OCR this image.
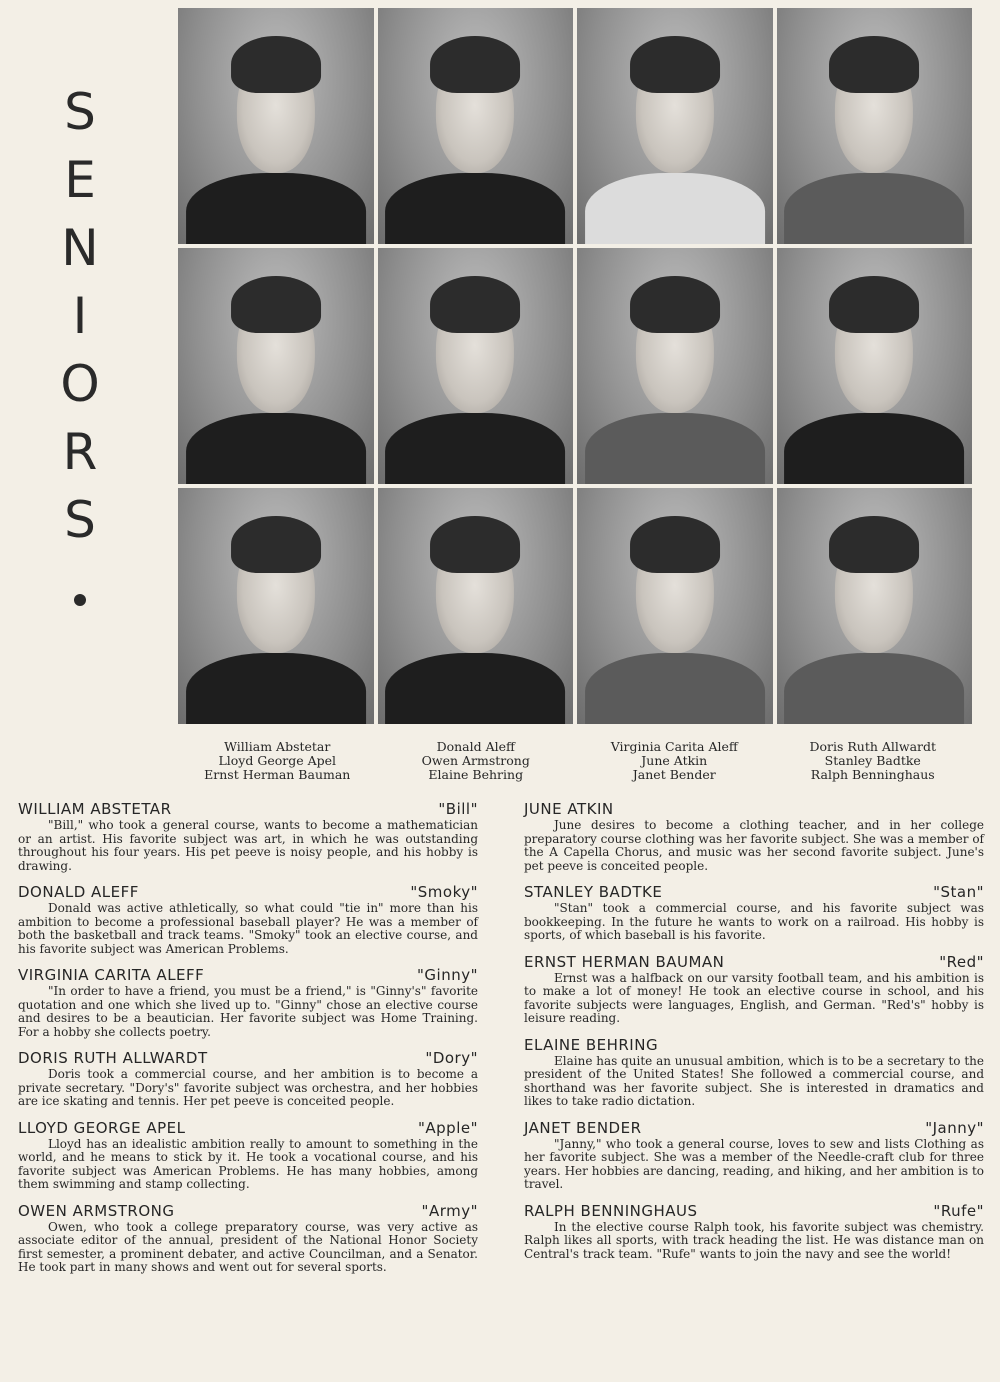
S
E
N
I
O
R
S
William Abstetar
Lloyd George Apel
Ernst Herman Bauman
Donald Aleff
Owen Armstrong
Elaine Behring
Virginia Carita Aleff
June Atkin
Janet Bender
Doris Ruth Allwardt
Stanley Badtke
Ralph Benninghaus
WILLIAM ABSTETAR	"Bill"

"Bill," who took a general course, wants to become a mathematician or an artist. His favorite subject was art, in which he was outstanding throughout his four years. His pet peeve is noisy people, and his hobby is drawing.

DONALD ALEFF	"Smoky"

Donald was active athletically, so what could "tie in" more than his ambition to become a professional baseball player? He was a member of both the basketball and track teams. "Smoky" took an elective course, and his favorite subject was American Problems.

VIRGINIA CARITA ALEFF	"Ginny"

"In order to have a friend, you must be a friend," is "Ginny's" favorite quotation and one which she lived up to. "Ginny" chose an elective course and desires to be a beautician. Her favorite subject was Home Training. For a hobby she collects poetry.

DORIS RUTH ALLWARDT	"Dory"

Doris took a commercial course, and her ambition is to become a private secretary. "Dory's" favorite subject was orchestra, and her hobbies are ice skating and tennis. Her pet peeve is conceited people.

LLOYD GEORGE APEL	"Apple"

Lloyd has an idealistic ambition really to amount to something in the world, and he means to stick by it. He took a vocational course, and his favorite subject was American Problems. He has many hobbies, among them swimming and stamp collecting.

OWEN ARMSTRONG	"Army"

Owen, who took a college preparatory course, was very active as associate editor of the annual, president of the National Honor Society first semester, a prominent debater, and active Councilman, and a Senator. He took part in many shows and went out for several sports.

JUNE ATKIN

June desires to become a clothing teacher, and in her college preparatory course clothing was her favorite subject. She was a member of the A Capella Chorus, and music was her second favorite subject. June's pet peeve is conceited people.

STANLEY BADTKE	"Stan"

"Stan" took a commercial course, and his favorite subject was bookkeeping. In the future he wants to work on a railroad. His hobby is sports, of which baseball is his favorite.

ERNST HERMAN BAUMAN	"Red"

Ernst was a halfback on our varsity football team, and his ambition is to make a lot of money! He took an elective course in school, and his favorite subjects were languages, English, and German. "Red's" hobby is leisure reading.

ELAINE BEHRING

Elaine has quite an unusual ambition, which is to be a secretary to the president of the United States! She followed a commercial course, and shorthand was her favorite subject. She is interested in dramatics and likes to take radio dictation.

JANET BENDER	"Janny"

"Janny," who took a general course, loves to sew and lists Clothing as her favorite subject. She was a member of the Needle-craft club for three years. Her hobbies are dancing, reading, and hiking, and her ambition is to travel.

RALPH BENNINGHAUS	"Rufe"

In the elective course Ralph took, his favorite subject was chemistry. Ralph likes all sports, with track heading the list. He was distance man on Central's track team. "Rufe" wants to join the navy and see the world!
